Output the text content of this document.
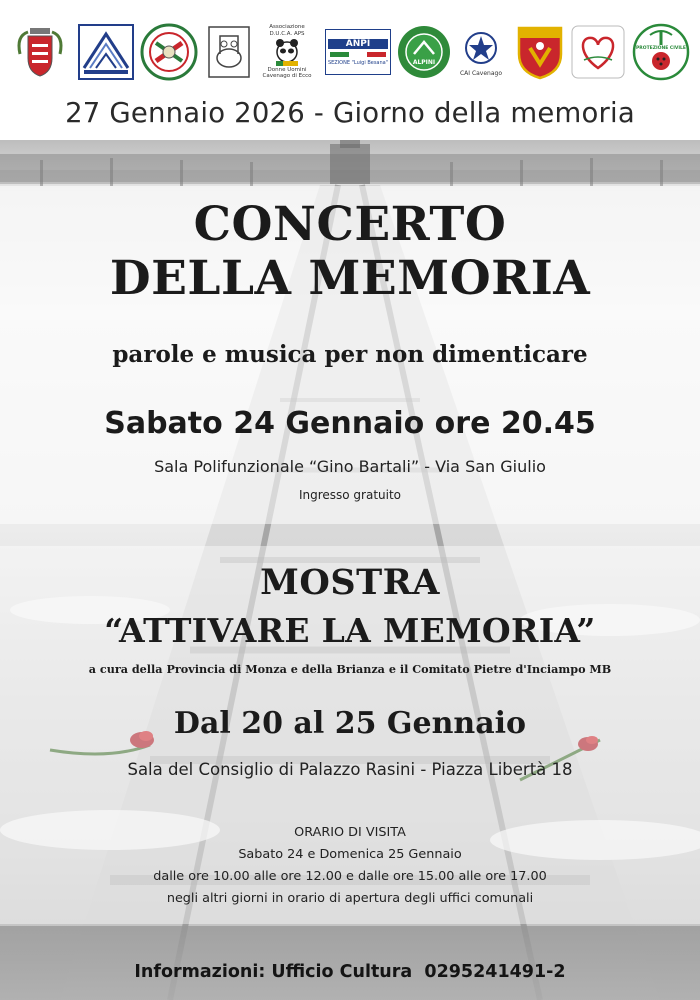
Associazione D.U.C.A. APS
Donne Uomini Cavenago di Ecco
ANPI
SEZIONE "Luigi Besana"	ALPINI
CAI Cavenago
PROTEZIONE CIVILE
27 Gennaio 2026 - Giorno della memoria
CONCERTO
DELLA MEMORIA
parole e musica per non dimenticare
Sabato 24 Gennaio ore 20.45
Sala Polifunzionale “Gino Bartali” - Via San Giulio
Ingresso gratuito
MOSTRA
“ATTIVARE LA MEMORIA”
a cura della Provincia di Monza e della Brianza e il Comitato Pietre d'Inciampo MB
Dal 20 al 25 Gennaio
Sala del Consiglio di Palazzo Rasini - Piazza Libertà 18
ORARIO DI VISITA
Sabato 24 e Domenica 25 Gennaio
dalle ore 10.00 alle ore 12.00 e dalle ore 15.00 alle ore 17.00
negli altri giorni in orario di apertura degli uffici comunali
Informazioni: Ufficio Cultura  0295241491-2
